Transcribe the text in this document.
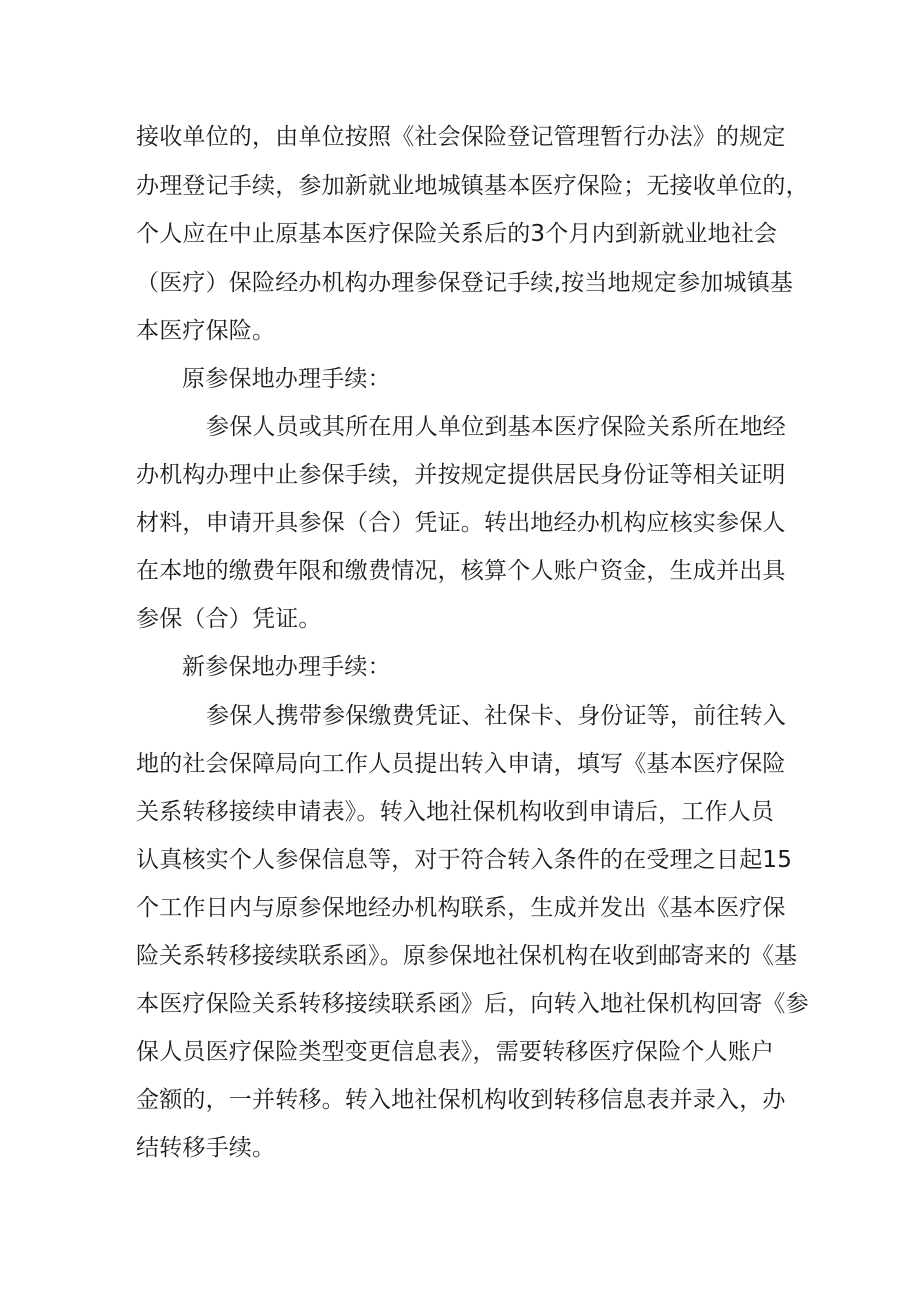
接收单位的，由单位按照《社会保险登记管理暂行办法》的规定
办理登记手续，参加新就业地城镇基本医疗保险；无接收单位的，
个人应在中止原基本医疗保险关系后的3个月内到新就业地社会
（医疗）保险经办机构办理参保登记手续,按当地规定参加城镇基
本医疗保险。
原参保地办理手续：
参保人员或其所在用人单位到基本医疗保险关系所在地经
办机构办理中止参保手续，并按规定提供居民身份证等相关证明
材料，申请开具参保（合）凭证。转出地经办机构应核实参保人
在本地的缴费年限和缴费情况，核算个人账户资金，生成并出具
参保（合）凭证。
新参保地办理手续：
参保人携带参保缴费凭证、社保卡、身份证等，前往转入
地的社会保障局向工作人员提出转入申请，填写《基本医疗保险
关系转移接续申请表》。转入地社保机构收到申请后，工作人员
认真核实个人参保信息等，对于符合转入条件的在受理之日起15
个工作日内与原参保地经办机构联系，生成并发出《基本医疗保
险关系转移接续联系函》。原参保地社保机构在收到邮寄来的《基
本医疗保险关系转移接续联系函》后，向转入地社保机构回寄《参
保人员医疗保险类型变更信息表》，需要转移医疗保险个人账户
金额的，一并转移。转入地社保机构收到转移信息表并录入，办
结转移手续。
